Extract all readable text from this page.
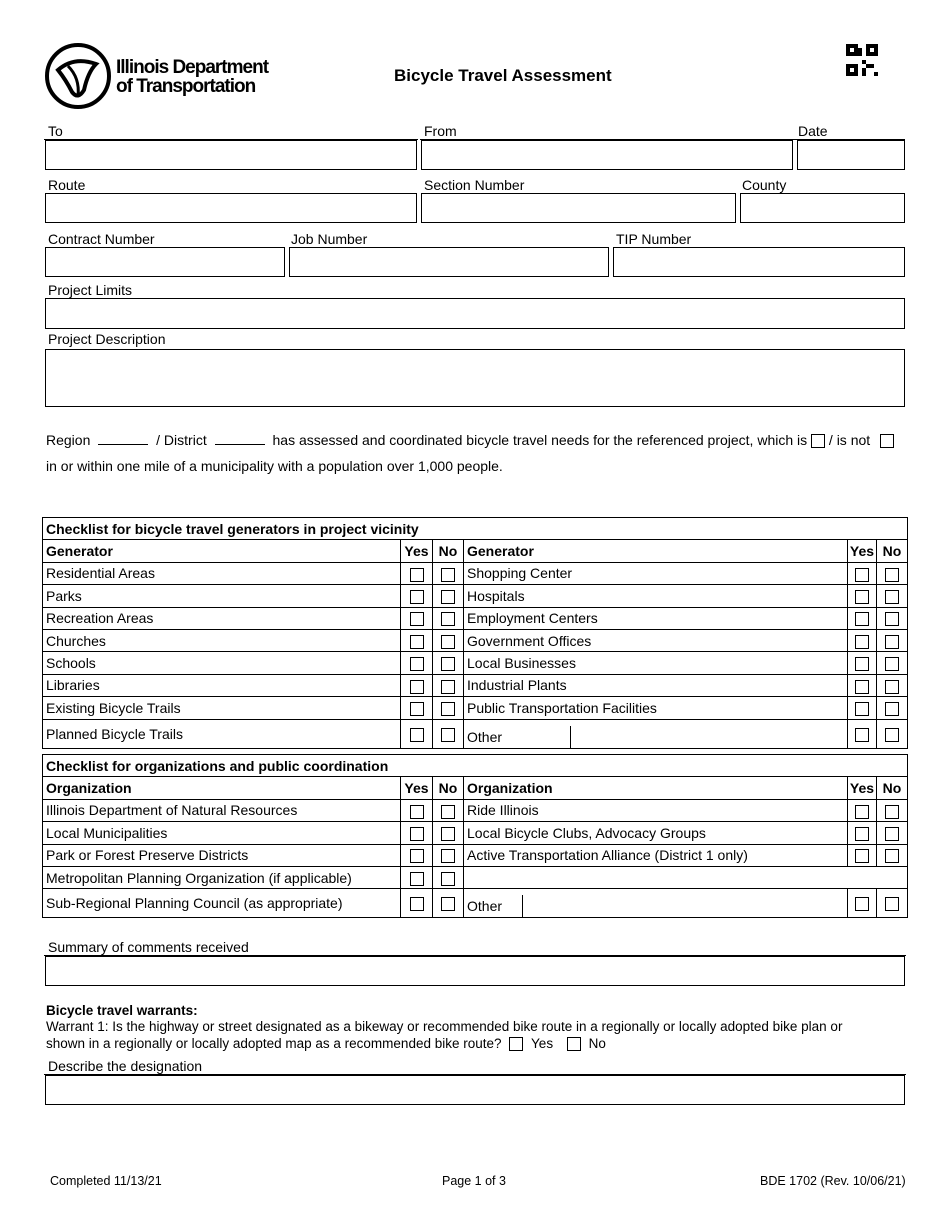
Illinois Department
of Transportation
Bicycle Travel Assessment
To	From	Date
Route	Section Number	County
Contract Number	Job Number	TIP Number
Project Limits
Project Description
Region	/ District	has assessed and coordinated bicycle travel needs for the referenced project, which is / is not
in or within one mile of a municipality with a population over 1,000 people.
Checklist for bicycle travel generators in project vicinity					
Generator	Yes	No	Generator	Yes	No
Residential Areas			Shopping Center		
Parks			Hospitals		
Recreation Areas			Employment Centers		
Churches			Government Offices		
Schools			Local Businesses		
Libraries			Industrial Plants		
Existing Bicycle Trails			Public Transportation Facilities		
Planned Bicycle Trails			Other		
Checklist for organizations and public coordination					
Organization	Yes	No	Organization	Yes	No
Illinois Department of Natural Resources			Ride Illinois		
Local Municipalities			Local Bicycle Clubs, Advocacy Groups		
Park or Forest Preserve Districts			Active Transportation Alliance (District 1 only)		
Metropolitan Planning Organization (if applicable)					
Sub-Regional Planning Council (as appropriate)			Other		
Summary of comments received
Bicycle travel warrants:
Warrant 1: Is the highway or street designated as a bikeway or recommended bike route in a regionally or locally adopted bike plan or
shown in a regionally or locally adopted map as a recommended bike route? Yes	No
Describe the designation
Completed 11/13/21	Page 1 of 3	BDE 1702 (Rev. 10/06/21)
